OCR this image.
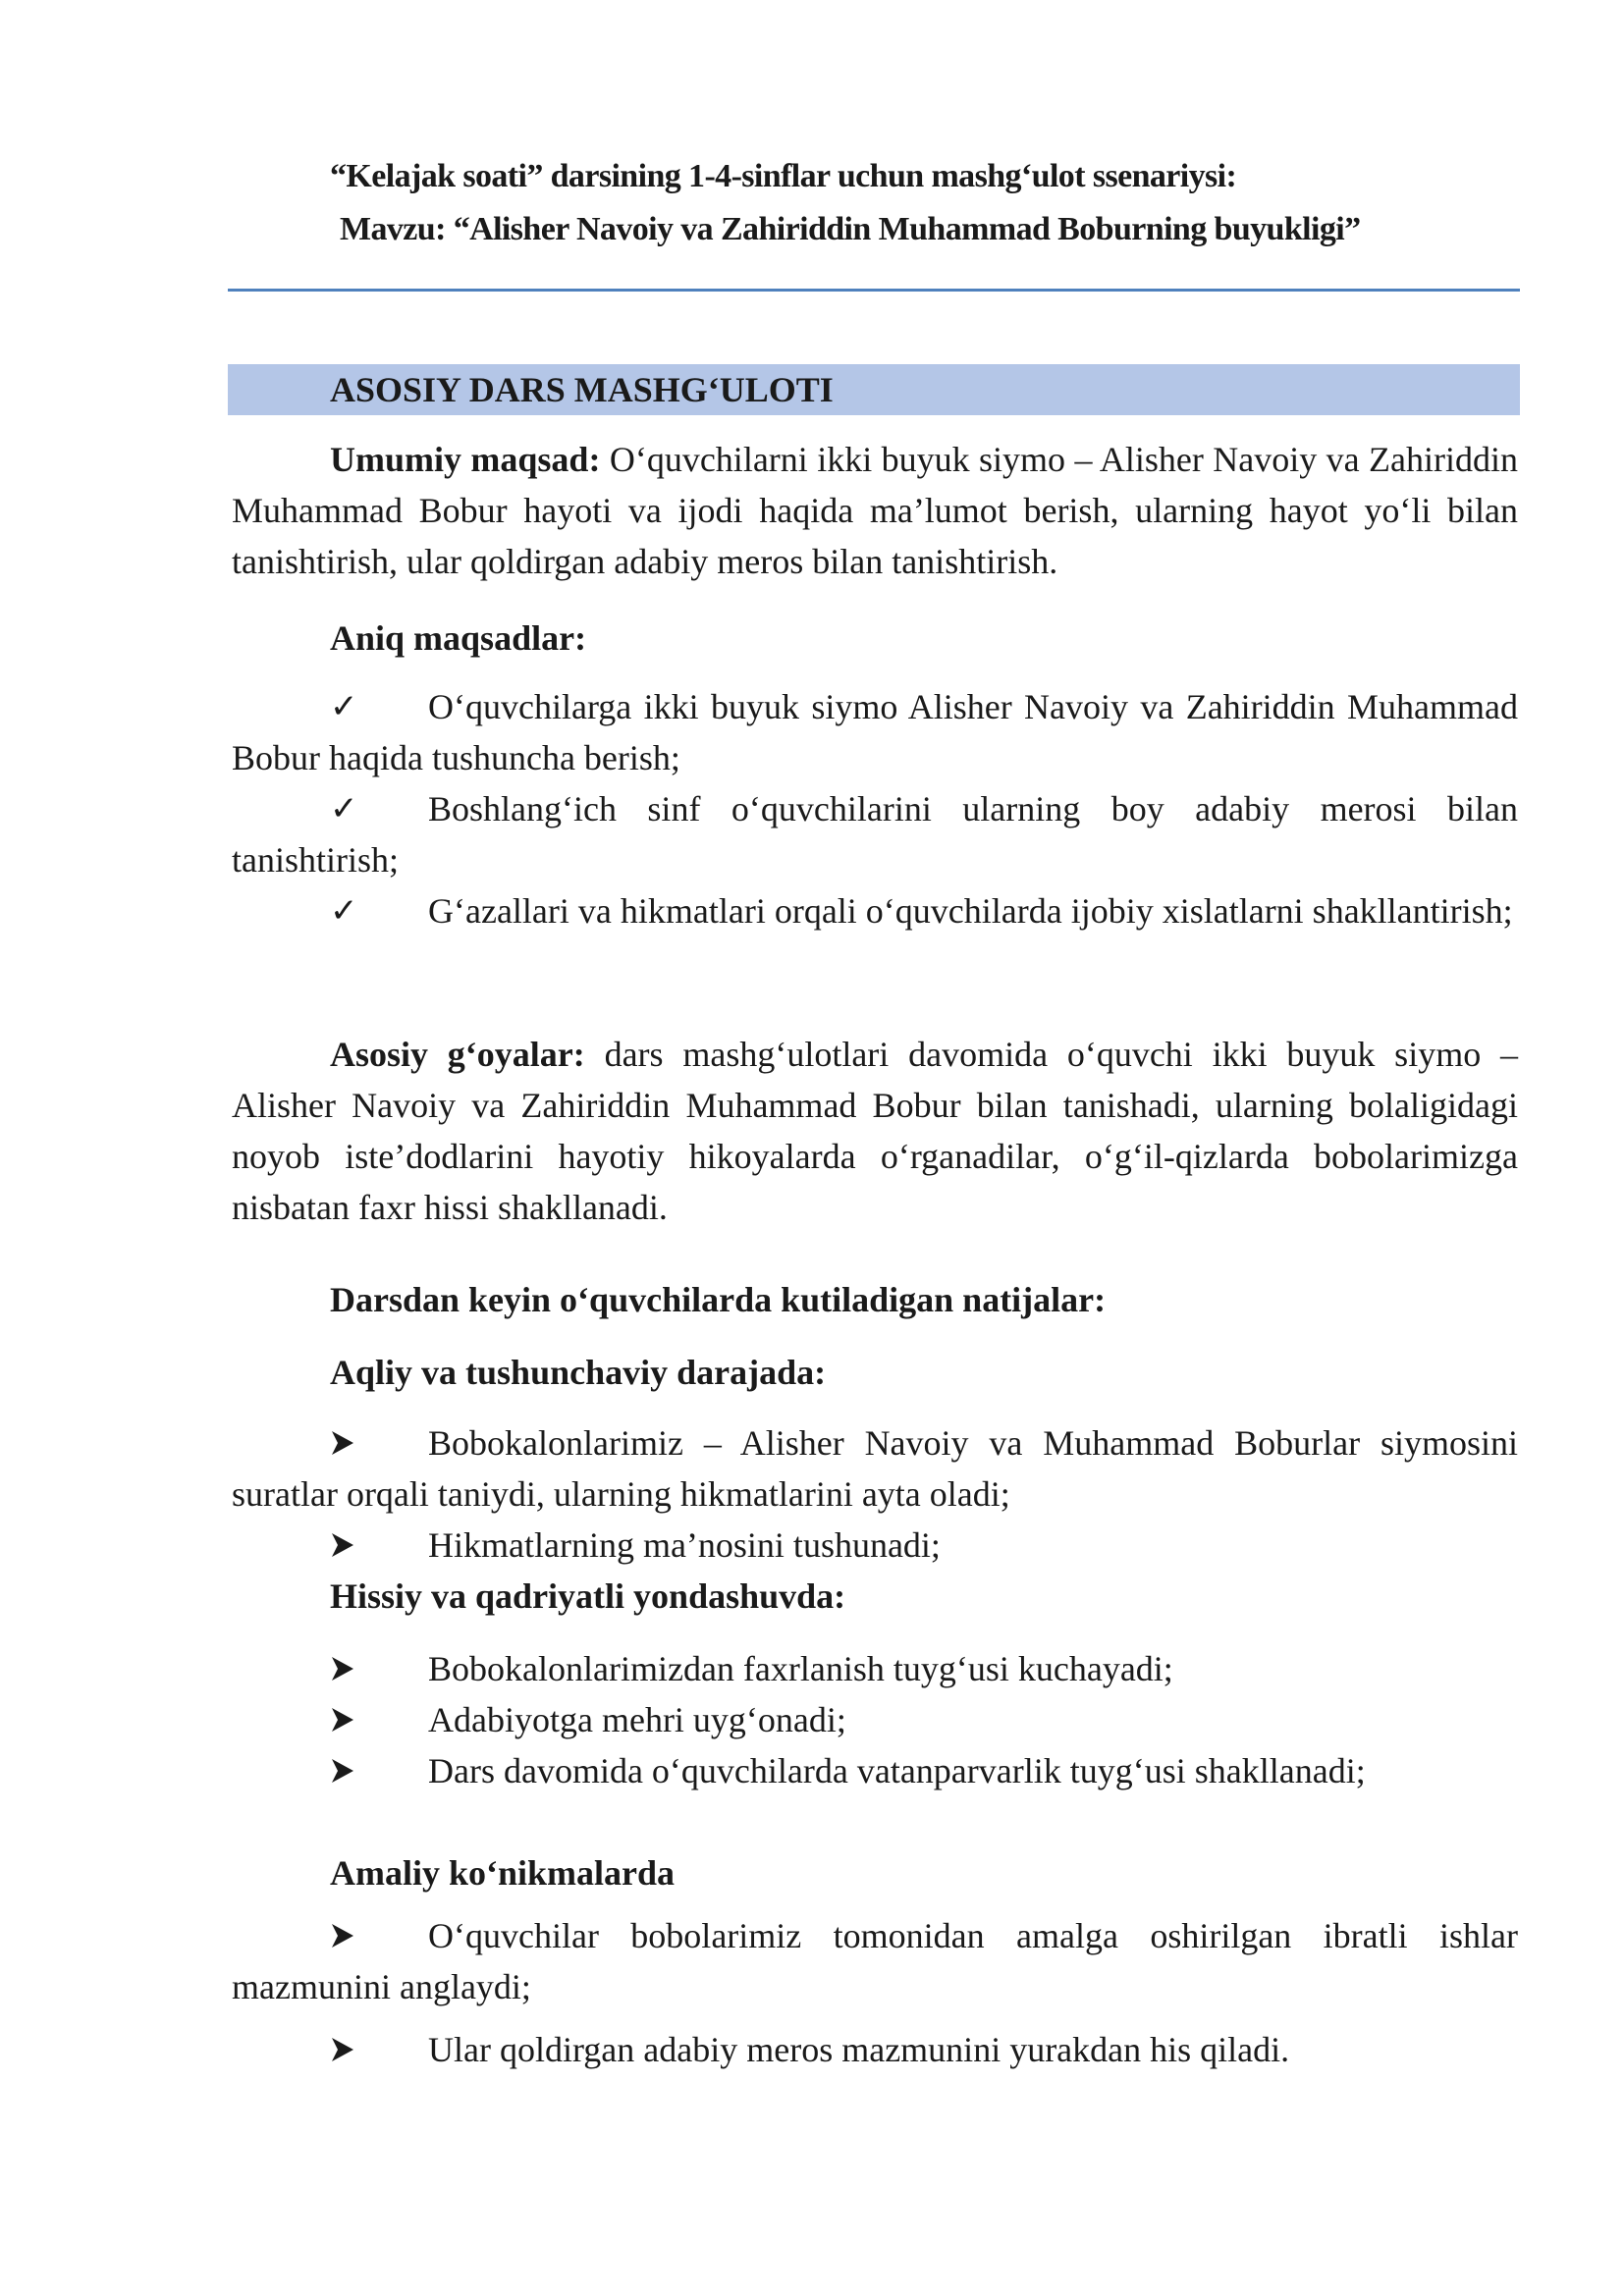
“Kelajak soati” darsining 1-4-sinflar uchun mashg‘ulot ssenariysi:
Mavzu: “Alisher Navoiy va Zahiriddin Muhammad Boburning buyukligi”
ASOSIY DARS MASHG‘ULOTI

Umumiy maqsad: O‘quvchilarni ikki buyuk siymo – Alisher Navoiy va Zahiriddin Muhammad Bobur hayoti va ijodi haqida ma’lumot berish, ularning hayot yo‘li bilan tanishtirish, ular qoldirgan adabiy meros bilan tanishtirish.

Aniq maqsadlar:
✓	O‘quvchilarga ikki buyuk siymo Alisher Navoiy va Zahiriddin Muhammad Bobur haqida tushuncha berish;
✓	Boshlang‘ich sinf o‘quvchilarini ularning boy adabiy merosi bilan tanishtirish;
✓	G‘azallari va hikmatlari orqali o‘quvchilarda ijobiy xislatlarni shakllantirish;

Asosiy g‘oyalar: dars mashg‘ulotlari davomida o‘quvchi ikki buyuk siymo – Alisher Navoiy va Zahiriddin Muhammad Bobur bilan tanishadi, ularning bolaligidagi noyob iste’dodlarini hayotiy hikoyalarda o‘rganadilar, o‘g‘il-qizlarda bobolarimizga nisbatan faxr hissi shakllanadi.

Darsdan keyin o‘quvchilarda kutiladigan natijalar:
Aqliy va tushunchaviy darajada:
Bobokalonlarimiz – Alisher Navoiy va Muhammad Boburlar siymosini suratlar orqali taniydi, ularning hikmatlarini ayta oladi;
Hikmatlarning ma’nosini tushunadi;
Hissiy va qadriyatli yondashuvda:
Bobokalonlarimizdan faxrlanish tuyg‘usi kuchayadi;
Adabiyotga mehri uyg‘onadi;
Dars davomida o‘quvchilarda vatanparvarlik tuyg‘usi shakllanadi;
Amaliy ko‘nikmalarda
O‘quvchilar bobolarimiz tomonidan amalga oshirilgan ibratli ishlar mazmunini anglaydi;
Ular qoldirgan adabiy meros mazmunini yurakdan his qiladi.
